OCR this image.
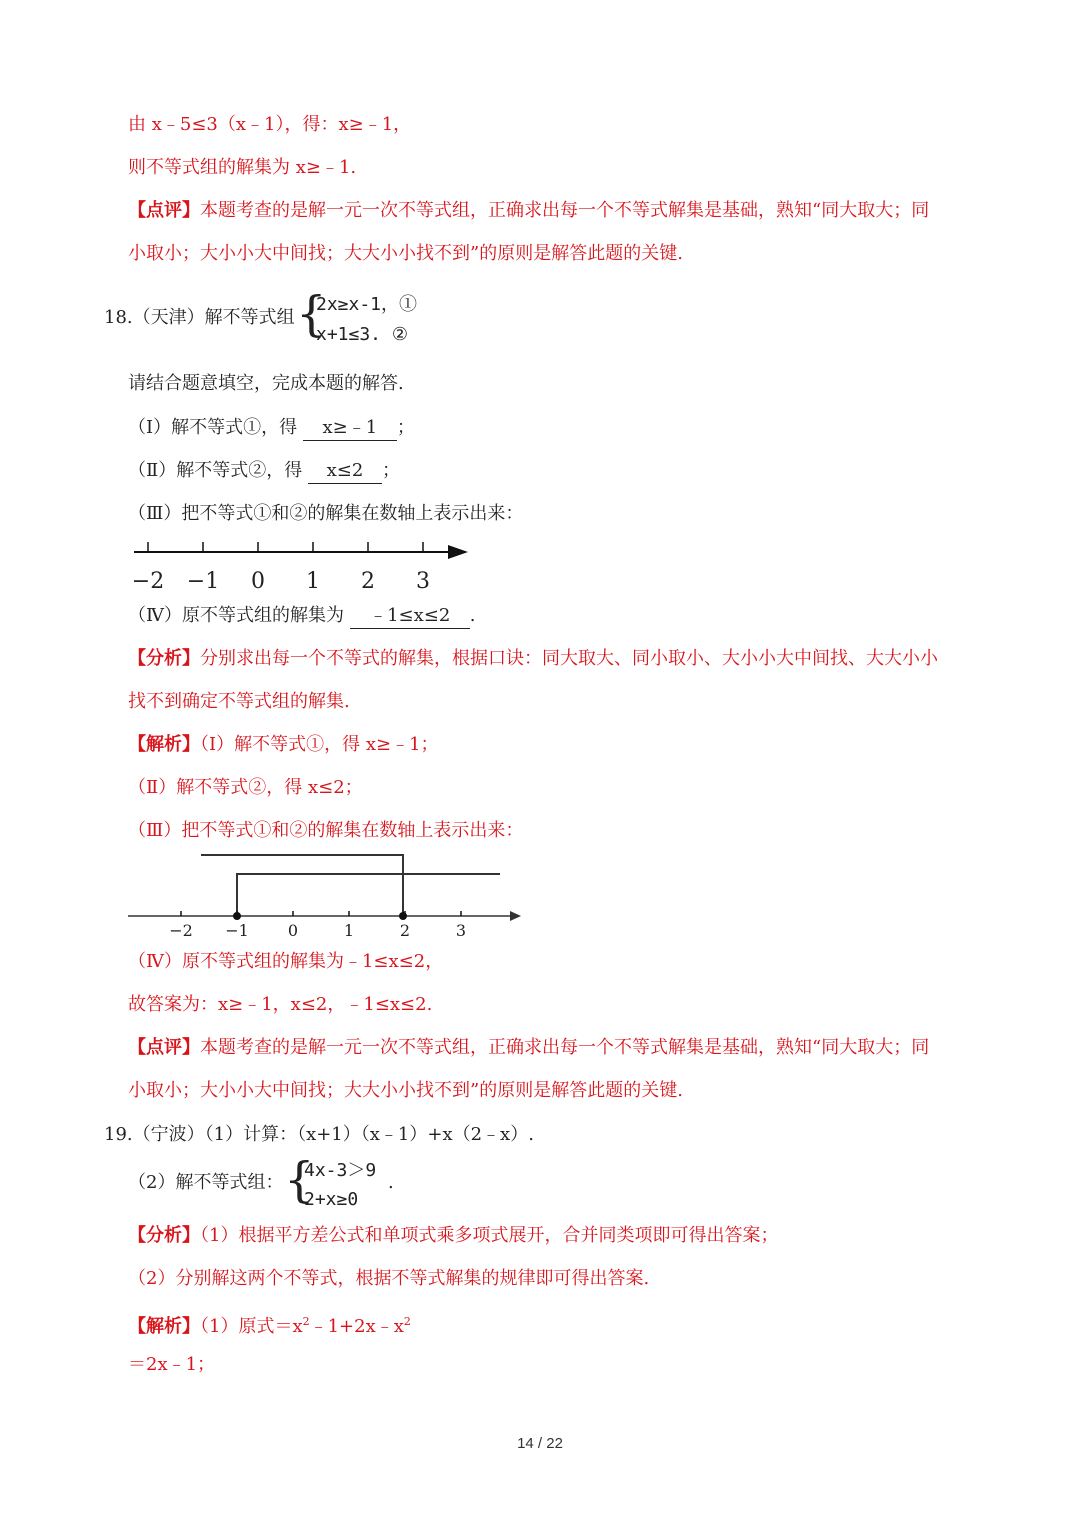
由 x﹣5≤3（x﹣1），得：x≥﹣1，
则不等式组的解集为 x≥﹣1.
【点评】本题考查的是解一元一次不等式组，正确求出每一个不等式解集是基础，熟知“同大取大；同
小取小；大小小大中间找；大大小小找不到”的原则是解答此题的关键.
18.（天津）解不等式组 {
2x≥x-1，①
x+1≤3. ②
请结合题意填空，完成本题的解答.
（Ⅰ）解不等式①，得 x≥﹣1 ；
（Ⅱ）解不等式②，得 x≤2 ；
（Ⅲ）把不等式①和②的解集在数轴上表示出来：
−2 −1 0 1 2 3
（Ⅳ）原不等式组的解集为 ﹣1≤x≤2 .
【分析】分别求出每一个不等式的解集，根据口诀：同大取大、同小取小、大小小大中间找、大大小小
找不到确定不等式组的解集.
【解析】（Ⅰ）解不等式①，得 x≥﹣1；
（Ⅱ）解不等式②，得 x≤2；
（Ⅲ）把不等式①和②的解集在数轴上表示出来：
−2 −1 0	1	2	3
（Ⅳ）原不等式组的解集为﹣1≤x≤2，
故答案为：x≥﹣1，x≤2，﹣1≤x≤2.
【点评】本题考查的是解一元一次不等式组，正确求出每一个不等式解集是基础，熟知“同大取大；同
小取小；大小小大中间找；大大小小找不到”的原则是解答此题的关键.
19.（宁波）（1）计算：（x+1）（x﹣1）+x（2﹣x）.
（2）解不等式组： {
4x-3＞9
2+x≥0
.
【分析】（1）根据平方差公式和单项式乘多项式展开，合并同类项即可得出答案；
（2）分别解这两个不等式，根据不等式解集的规律即可得出答案.
【解析】（1）原式$=x^2﹣1+2x﹣x^2$
＝2x﹣1；
14 / 22
